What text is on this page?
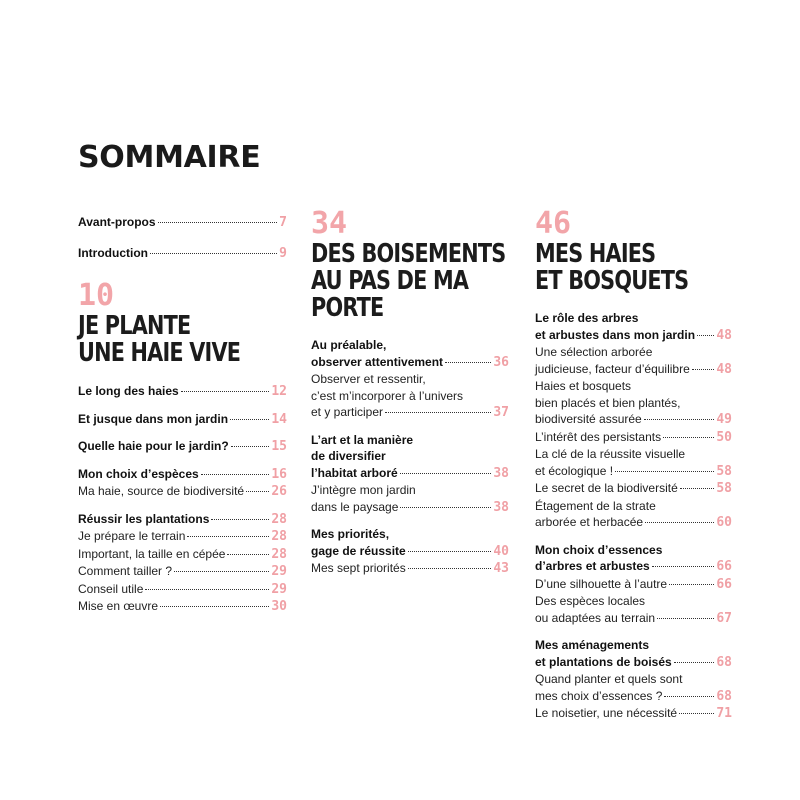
SOMMAIRE
Avant-propos	7
Introduction	9
10
JE PLANTE
UNE HAIE VIVE
Le long des haies	12
Et jusque dans mon jardin	14
Quelle haie pour le jardin?	15
Mon choix d’espèces	16
Ma haie, source de biodiversité 26
Réussir les plantations	28
Je prépare le terrain	28
Important, la taille en cépée	28
Comment tailler ?	29
Conseil utile	29
Mise en œuvre	30
34
DES BOISEMENTS
AU PAS DE MA
PORTE
Au préalable,
observer attentivement	36
Observer et ressentir,
c’est m’incorporer à l’univers
et y participer	37
L’art et la manière
de diversifier
l’habitat arboré	38
J’intègre mon jardin
dans le paysage	38
Mes priorités,
gage de réussite	40
Mes sept priorités	43
46
MES HAIES
ET BOSQUETS
Le rôle des arbres
et arbustes dans mon jardin 48
Une sélection arborée
judicieuse, facteur d’équilibre 48
Haies et bosquets
bien placés et bien plantés,
biodiversité assurée	49
L’intérêt des persistants	50
La clé de la réussite visuelle
et écologique !	58
Le secret de la biodiversité	58
Étagement de la strate
arborée et herbacée	60
Mon choix d’essences
d’arbres et arbustes	66
D’une silhouette à l’autre	66
Des espèces locales
ou adaptées au terrain	67
Mes aménagements
et plantations de boisés	68
Quand planter et quels sont
mes choix d’essences ?	68
Le noisetier, une nécessité	71
